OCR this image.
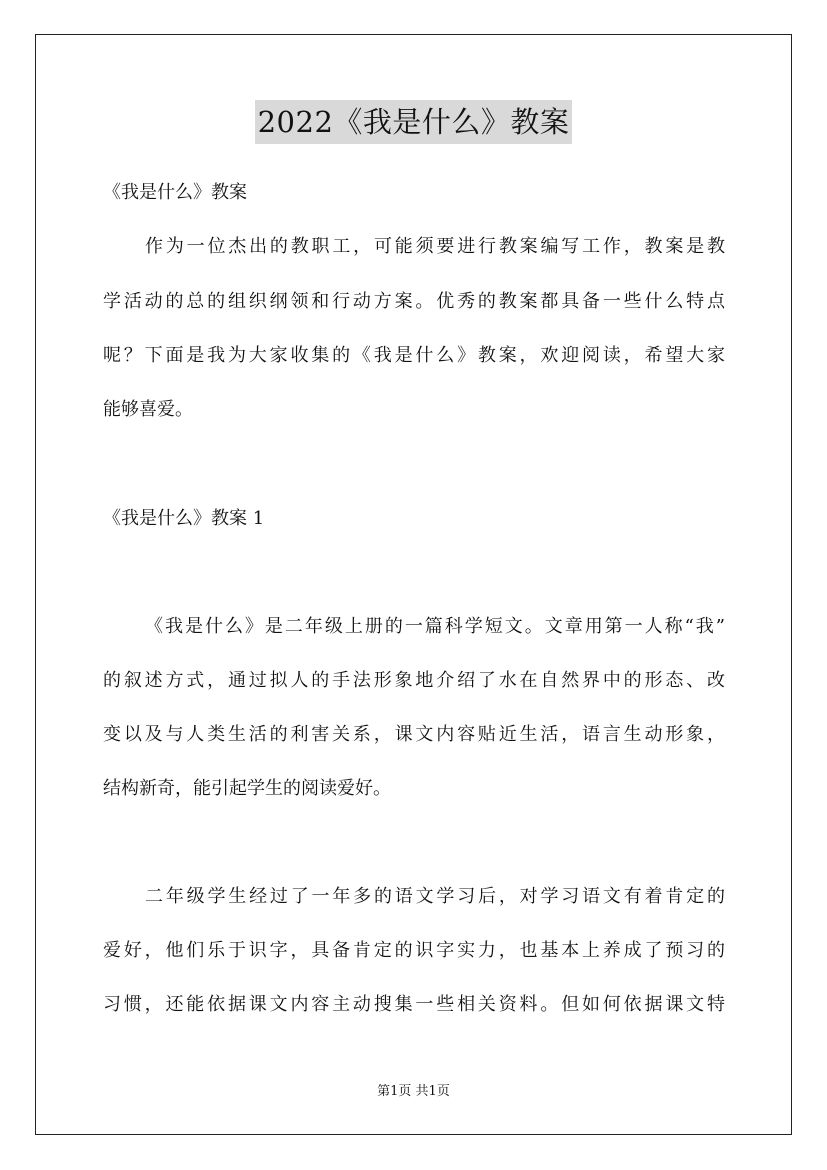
2022《我是什么》教案

《我是什么》教案

作为一位杰出的教职工，可能须要进行教案编写工作，教案是教

学活动的总的组织纲领和行动方案。优秀的教案都具备一些什么特点

呢？下面是我为大家收集的《我是什么》教案，欢迎阅读，希望大家

能够喜爱。

《我是什么》教案 1

《我是什么》是二年级上册的一篇科学短文。文章用第一人称“我”

的叙述方式，通过拟人的手法形象地介绍了水在自然界中的形态、改

变以及与人类生活的利害关系，课文内容贴近生活，语言生动形象，

结构新奇，能引起学生的阅读爱好。

二年级学生经过了一年多的语文学习后，对学习语文有着肯定的

爱好，他们乐于识字，具备肯定的识字实力，也基本上养成了预习的

习惯，还能依据课文内容主动搜集一些相关资料。但如何依据课文特

第1页 共1页
